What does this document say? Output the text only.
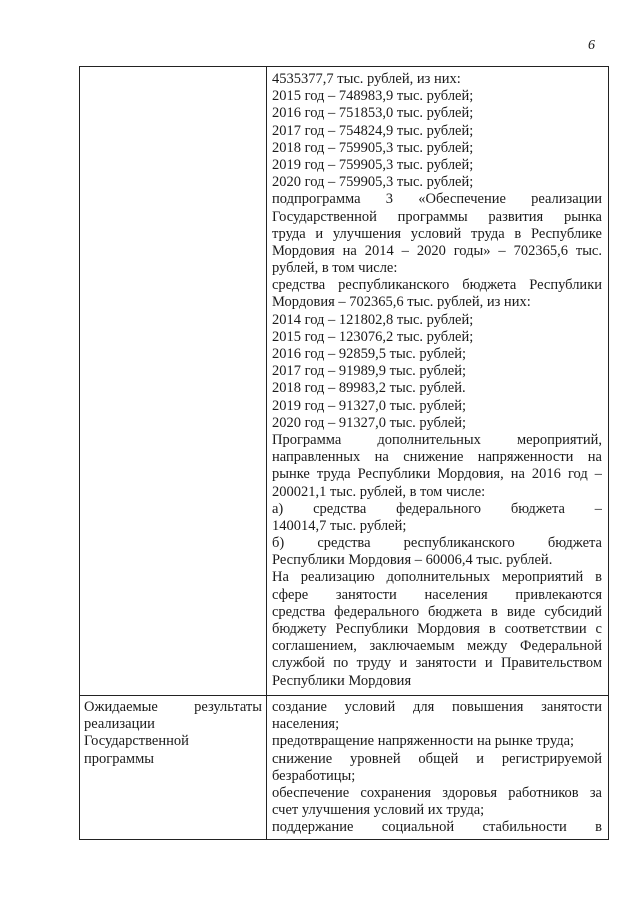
6
Ожидаемые результаты
реализации
Государственной
программы
4535377,7 тыс. рублей, из них:
2015 год – 748983,9 тыс. рублей;
2016 год – 751853,0 тыс. рублей;
2017 год – 754824,9 тыс. рублей;
2018 год – 759905,3 тыс. рублей;
2019 год – 759905,3 тыс. рублей;
2020 год – 759905,3 тыс. рублей;
подпрограмма 3 «Обеспечение реализации
Государственной программы развития рынка
труда и улучшения условий труда в Республике
Мордовия на 2014 – 2020 годы» – 702365,6 тыс.
рублей, в том числе:
средства республиканского бюджета Республики
Мордовия – 702365,6 тыс. рублей, из них:
2014 год – 121802,8 тыс. рублей;
2015 год – 123076,2 тыс. рублей;
2016 год – 92859,5 тыс. рублей;
2017 год – 91989,9 тыс. рублей;
2018 год – 89983,2 тыс. рублей.
2019 год – 91327,0 тыс. рублей;
2020 год – 91327,0 тыс. рублей;
Программа дополнительных мероприятий,
направленных на снижение напряженности на
рынке труда Республики Мордовия, на 2016 год –
200021,1 тыс. рублей, в том числе:
а) средства федерального бюджета –
140014,7 тыс. рублей;
б) средства республиканского бюджета
Республики Мордовия – 60006,4 тыс. рублей.
На реализацию дополнительных мероприятий в
сфере занятости населения привлекаются
средства федерального бюджета в виде субсидий
бюджету Республики Мордовия в соответствии с
соглашением, заключаемым между Федеральной
службой по труду и занятости и Правительством
Республики Мордовия
создание условий для повышения занятости
населения;
предотвращение напряженности на рынке труда;
снижение уровней общей и регистрируемой
безработицы;
обеспечение сохранения здоровья работников за
счет улучшения условий их труда;
поддержание социальной стабильности в
